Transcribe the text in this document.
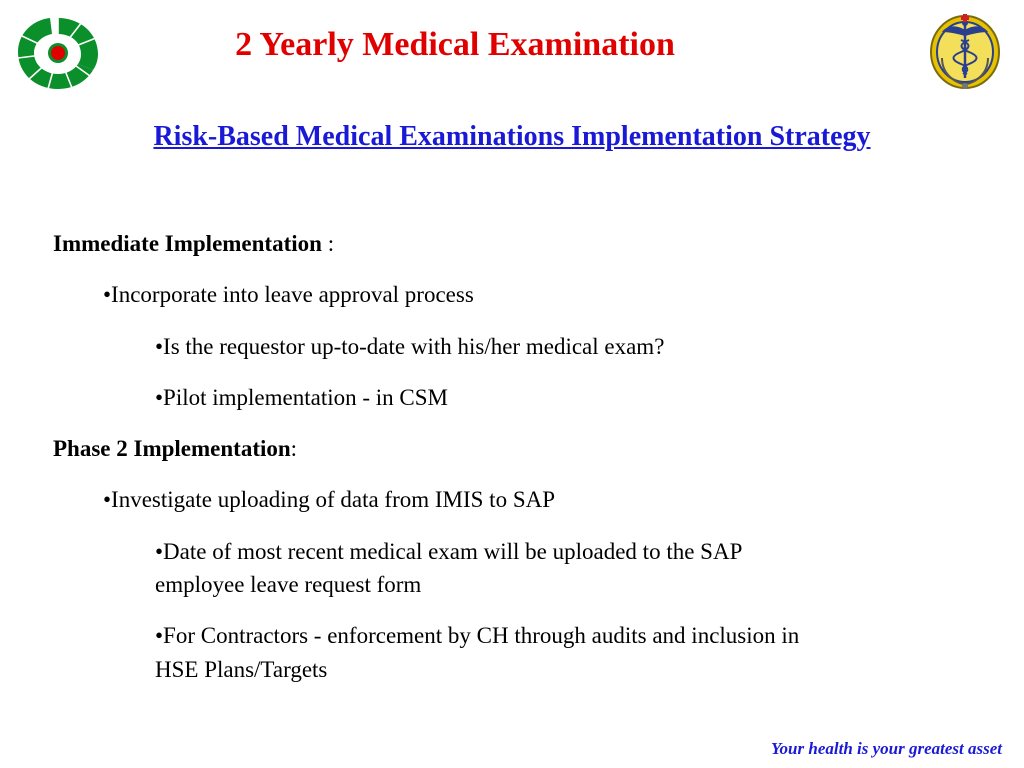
2 Yearly Medical Examination
Risk-Based Medical Examinations Implementation Strategy
Immediate Implementation :
•Incorporate into leave approval process
•Is the requestor up-to-date with his/her medical exam?
•Pilot implementation - in CSM
Phase 2 Implementation:
•Investigate uploading of data from IMIS to SAP
•Date of most recent medical exam will be uploaded to the SAP
employee leave request form
•For Contractors - enforcement by CH through audits and inclusion in
HSE Plans/Targets
Your health is your greatest asset
